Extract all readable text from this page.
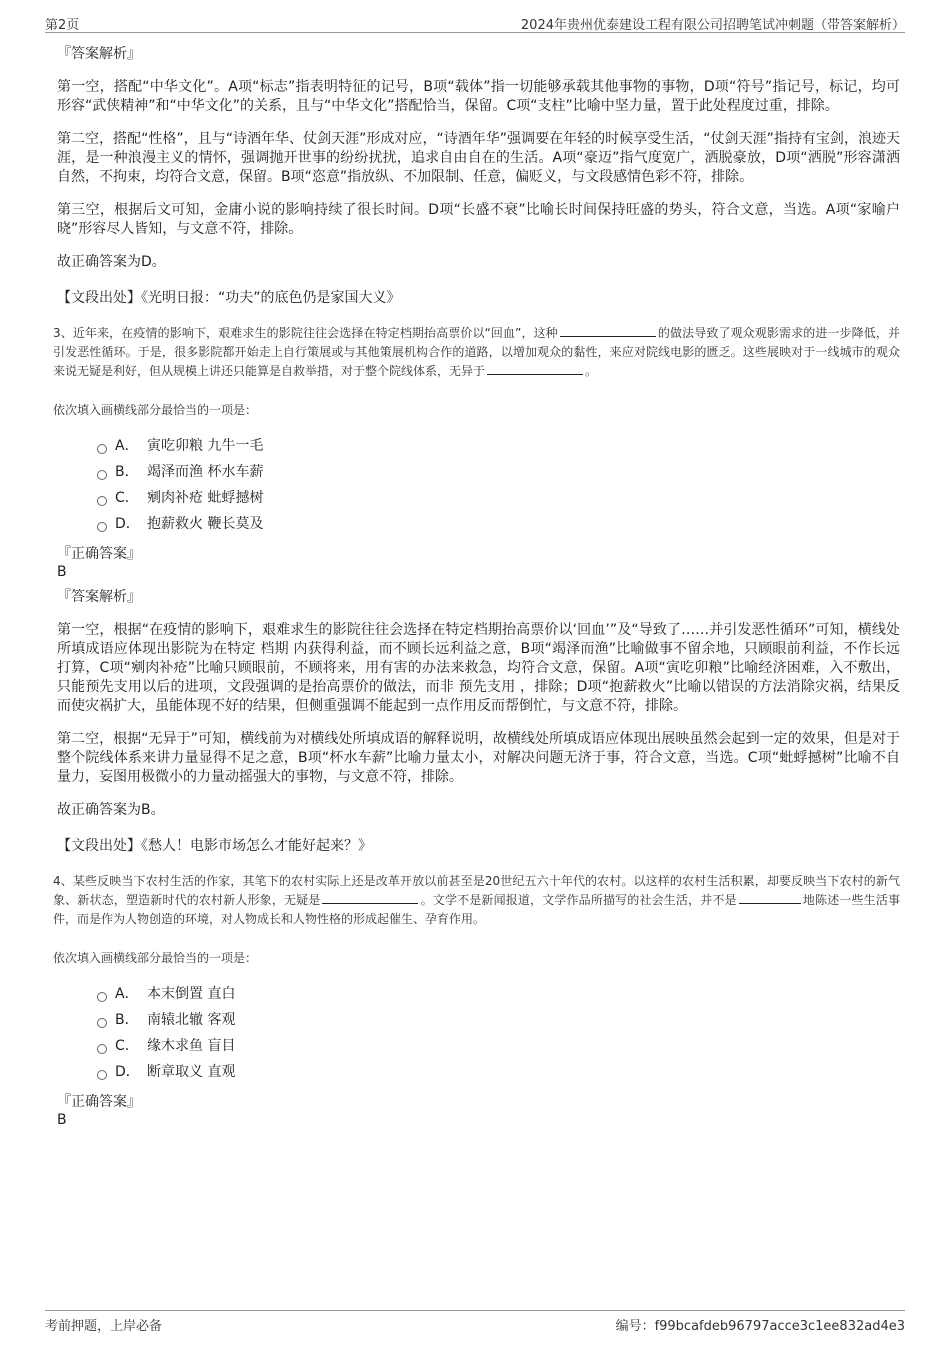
第2页	2024年贵州优泰建设工程有限公司招聘笔试冲刺题（带答案解析）

『答案解析』

第一空，搭配“中华文化”。A项“标志”指表明特征的记号，B项“载体”指一切能够承载其他事物的事物，D项“符号”指记号，标记，均可形容“武侠精神”和“中华文化”的关系，且与“中华文化”搭配恰当，保留。C项“支柱”比喻中坚力量，置于此处程度过重，排除。

第二空，搭配“性格”，且与“诗酒年华、仗剑天涯”形成对应，“诗酒年华”强调要在年轻的时候享受生活，“仗剑天涯”指持有宝剑，浪迹天涯，是一种浪漫主义的情怀，强调抛开世事的纷纷扰扰，追求自由自在的生活。A项“豪迈”指气度宽广，洒脱豪放，D项“洒脱”形容潇洒自然，不拘束，均符合文意，保留。B项“恣意”指放纵、不加限制、任意，偏贬义，与文段感情色彩不符，排除。

第三空，根据后文可知，金庸小说的影响持续了很长时间。D项“长盛不衰”比喻长时间保持旺盛的势头，符合文意，当选。A项“家喻户晓”形容尽人皆知，与文意不符，排除。

故正确答案为D。

【文段出处】《光明日报：“功夫”的底色仍是家国大义》

3、近年来，在疫情的影响下，艰难求生的影院往往会选择在特定档期抬高票价以“回血”，这种	的做法导致了观众观影需求的进一步降低，并引发恶性循环。于是，很多影院都开始走上自行策展或与其他策展机构合作的道路，以增加观众的黏性，来应对院线电影的匮乏。这些展映对于一线城市的观众来说无疑是利好，但从规模上讲还只能算是自救举措，对于整个院线体系，无异于	。

依次填入画横线部分最恰当的一项是：

A． 寅吃卯粮 九牛一毛
B． 竭泽而渔 杯水车薪
C． 剜肉补疮 蚍蜉撼树
D． 抱薪救火 鞭长莫及

『正确答案』

B

『答案解析』

第一空，根据“在疫情的影响下，艰难求生的影院往往会选择在特定档期抬高票价以‘回血’”及“导致了……并引发恶性循环”可知，横线处所填成语应体现出影院为在特定 档期 内获得利益，而不顾长远利益之意，B项“竭泽而渔”比喻做事不留余地，只顾眼前利益，不作长远打算，C项“剜肉补疮”比喻只顾眼前，不顾将来，用有害的办法来救急，均符合文意，保留。A项“寅吃卯粮”比喻经济困难，入不敷出，只能预先支用以后的进项，文段强调的是抬高票价的做法，而非 预先支用 ，排除；D项“抱薪救火”比喻以错误的方法消除灾祸，结果反而使灾祸扩大，虽能体现不好的结果，但侧重强调不能起到一点作用反而帮倒忙，与文意不符，排除。

第二空，根据“无异于”可知，横线前为对横线处所填成语的解释说明，故横线处所填成语应体现出展映虽然会起到一定的效果，但是对于整个院线体系来讲力量显得不足之意，B项“杯水车薪”比喻力量太小，对解决问题无济于事，符合文意，当选。C项“蚍蜉撼树”比喻不自量力，妄图用极微小的力量动摇强大的事物，与文意不符，排除。

故正确答案为B。

【文段出处】《愁人！电影市场怎么才能好起来？》

4、某些反映当下农村生活的作家，其笔下的农村实际上还是改革开放以前甚至是20世纪五六十年代的农村。以这样的农村生活积累，却要反映当下农村的新气象、新状态，塑造新时代的农村新人形象，无疑是	。文学不是新闻报道，文学作品所描写的社会生活，并不是	地陈述一些生活事件，而是作为人物创造的环境，对人物成长和人物性格的形成起催生、孕育作用。

依次填入画横线部分最恰当的一项是：

A． 本末倒置 直白
B． 南辕北辙 客观
C． 缘木求鱼 盲目
D． 断章取义 直观

『正确答案』

B

考前押题，上岸必备	编号：f99bcafdeb96797acce3c1ee832ad4e3
